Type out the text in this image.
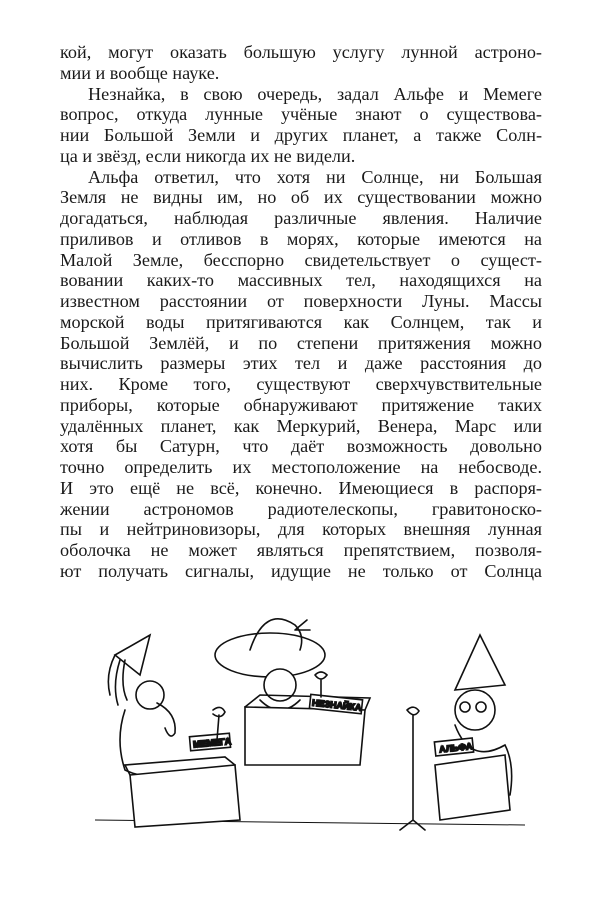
кой, могут оказать большую услугу лунной астроно-
мии и вообще науке.
Незнайка, в свою очередь, задал Альфе и Мемеге
вопрос, откуда лунные учёные знают о существова-
нии Большой Земли и других планет, а также Солн-
ца и звёзд, если никогда их не видели.
Альфа ответил, что хотя ни Солнце, ни Большая
Земля не видны им, но об их существовании можно
догадаться, наблюдая различные явления. Наличие
приливов и отливов в морях, которые имеются на
Малой Земле, бесспорно свидетельствует о сущест-
вовании каких-то массивных тел, находящихся на
известном расстоянии от поверхности Луны. Массы
морской воды притягиваются как Солнцем, так и
Большой Землёй, и по степени притяжения можно
вычислить размеры этих тел и даже расстояния до
них. Кроме того, существуют сверхчувствительные
приборы, которые обнаруживают притяжение таких
удалённых планет, как Меркурий, Венера, Марс или
хотя бы Сатурн, что даёт возможность довольно
точно определить их местоположение на небосводе.
И это ещё не всё, конечно. Имеющиеся в распоря-
жении астрономов радиотелескопы, гравитоноско-
пы и нейтриновизоры, для которых внешняя лунная
оболочка не может являться препятствием, позволя-
ют получать сигналы, идущие не только от Солнца
МЕМЕГА
НЕЗНАЙКА
АЛЬФА
